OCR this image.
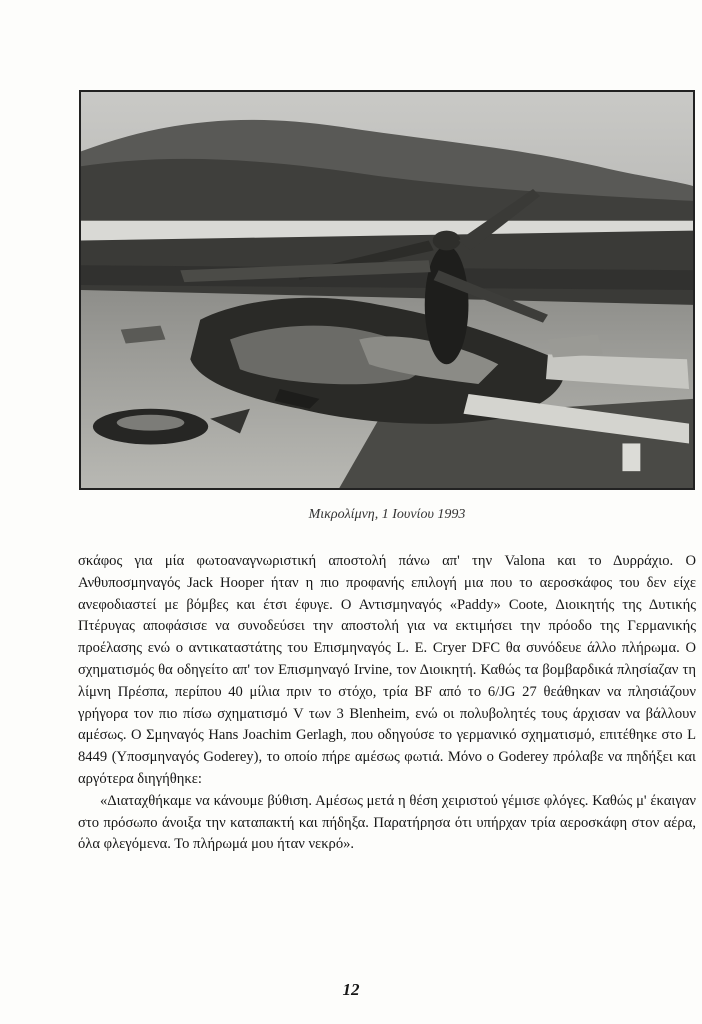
Μικρολίμνη, 1 Ιουνίου 1993

σκάφος για μία φωτοαναγνωριστική αποστολή πάνω απ' την Valona και το Δυρράχιο. Ο Ανθυποσμηναγός Jack Hooper ήταν η πιο προφανής επιλογή μια που το αεροσκάφος του δεν είχε ανεφοδιαστεί με βόμβες και έτσι έφυγε. Ο Αντισμηναγός «Paddy» Coote, Διοικητής της Δυτικής Πτέρυγας αποφάσισε να συνοδεύσει την αποστολή για να εκτιμήσει την πρόοδο της Γερμανικής προέλασης ενώ ο αντικαταστάτης του Επισμηναγός L. E. Cryer DFC θα συνόδευε άλλο πλήρωμα. Ο σχηματισμός θα οδηγείτο απ' τον Επισμηναγό Irvine, τον Διοικητή. Καθώς τα βομβαρδικά πλησίαζαν τη λίμνη Πρέσπα, περίπου 40 μίλια πριν το στόχο, τρία BF από το 6/JG 27 θεάθηκαν να πλησιάζουν γρήγορα τον πιο πίσω σχηματισμό V των 3 Blenheim, ενώ οι πολυβολητές τους άρχισαν να βάλλουν αμέσως. Ο Σμηναγός Hans Joachim Gerlagh, που οδηγούσε το γερμανικό σχηματισμό, επιτέθηκε στο L 8449 (Υποσμηναγός Goderey), το οποίο πήρε αμέσως φωτιά. Μόνο ο Goderey πρόλαβε να πηδήξει και αργότερα διηγήθηκε:

«Διαταχθήκαμε να κάνουμε βύθιση. Αμέσως μετά η θέση χειριστού γέμισε φλόγες. Καθώς μ' έκαιγαν στο πρόσωπο άνοιξα την καταπακτή και πήδηξα. Παρατήρησα ότι υπήρχαν τρία αεροσκάφη στον αέρα, όλα φλεγόμενα. Το πλήρωμά μου ήταν νεκρό».

12
